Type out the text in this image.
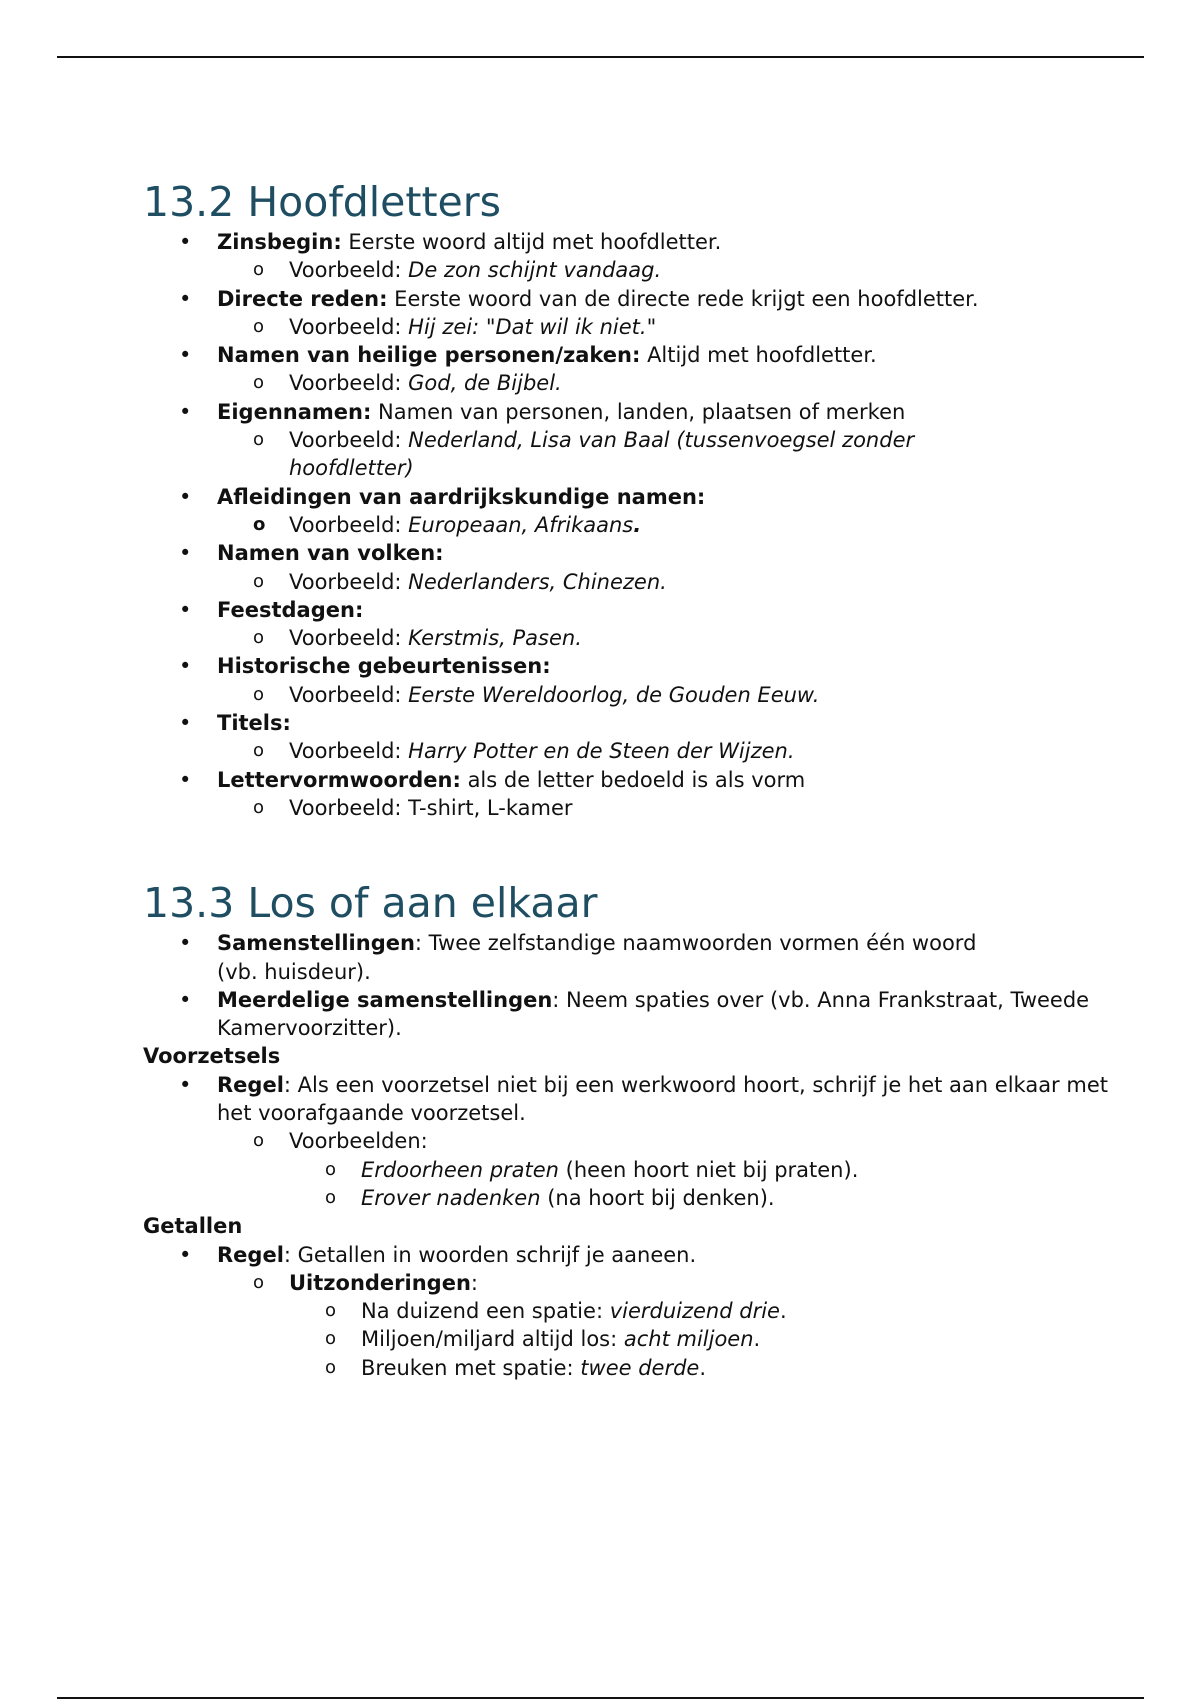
13.2 Hoofdletters
• Zinsbegin: Eerste woord altijd met hoofdletter.
o Voorbeeld: De zon schijnt vandaag.
• Directe reden: Eerste woord van de directe rede krijgt een hoofdletter.
o Voorbeeld: Hij zei: "Dat wil ik niet."
• Namen van heilige personen/zaken: Altijd met hoofdletter.
o Voorbeeld: God, de Bijbel.
• Eigennamen: Namen van personen, landen, plaatsen of merken
o Voorbeeld: Nederland, Lisa van Baal (tussenvoegsel zonder hoofdletter)
• Afleidingen van aardrijkskundige namen:
o Voorbeeld: Europeaan, Afrikaans.
• Namen van volken:
o Voorbeeld: Nederlanders, Chinezen.
• Feestdagen:
o Voorbeeld: Kerstmis, Pasen.
• Historische gebeurtenissen:
o Voorbeeld: Eerste Wereldoorlog, de Gouden Eeuw.
• Titels:
o Voorbeeld: Harry Potter en de Steen der Wijzen.
• Lettervormwoorden: als de letter bedoeld is als vorm
o Voorbeeld: T-shirt, L-kamer
13.3 Los of aan elkaar
• Samenstellingen: Twee zelfstandige naamwoorden vormen één woord (vb. huisdeur).
• Meerdelige samenstellingen: Neem spaties over (vb. Anna Frankstraat, Tweede Kamervoorzitter).
Voorzetsels
• Regel: Als een voorzetsel niet bij een werkwoord hoort, schrijf je het aan elkaar met het voorafgaande voorzetsel.
o Voorbeelden:
o Erdoorheen praten (heen hoort niet bij praten).
o Erover nadenken (na hoort bij denken).
Getallen
• Regel: Getallen in woorden schrijf je aaneen.
o Uitzonderingen:
o Na duizend een spatie: vierduizend drie.
o Miljoen/miljard altijd los: acht miljoen.
o Breuken met spatie: twee derde.
